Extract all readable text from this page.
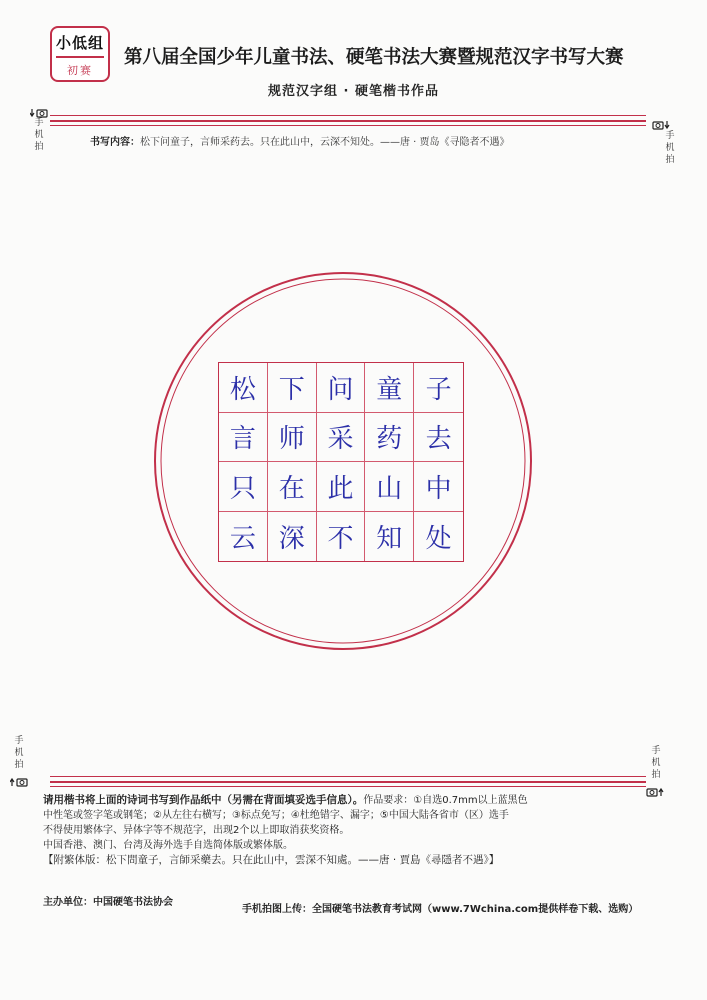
小低组
初赛
第八届全国少年儿童书法、硬笔书法大赛暨规范汉字书写大赛
规范汉字组 · 硬笔楷书作品
手
机
拍
手
机
拍
书写内容：松下问童子，言师采药去。只在此山中，云深不知处。——唐 · 贾岛《寻隐者不遇》
松 下 问 童 子
言 师 采 药 去
只 在 此 山 中
云 深 不 知 处
手
机
拍
手
机
拍
请用楷书将上面的诗词书写到作品纸中（另需在背面填妥选手信息）。作品要求：①自选0.7mm以上蓝黑色
中性笔或签字笔或钢笔；②从左往右横写；③标点免写；④杜绝错字、漏字；⑤中国大陆各省市（区）选手
不得使用繁体字、异体字等不规范字，出现2个以上即取消获奖资格。
中国香港、澳门、台湾及海外选手自选简体版或繁体版。
【附繁体版：松下問童子，言師采藥去。只在此山中，雲深不知處。——唐 · 賈島《尋隱者不遇》】
主办单位：中国硬笔书法协会
手机拍图上传：全国硬笔书法教育考试网（www.7Wchina.com提供样卷下载、选购）
